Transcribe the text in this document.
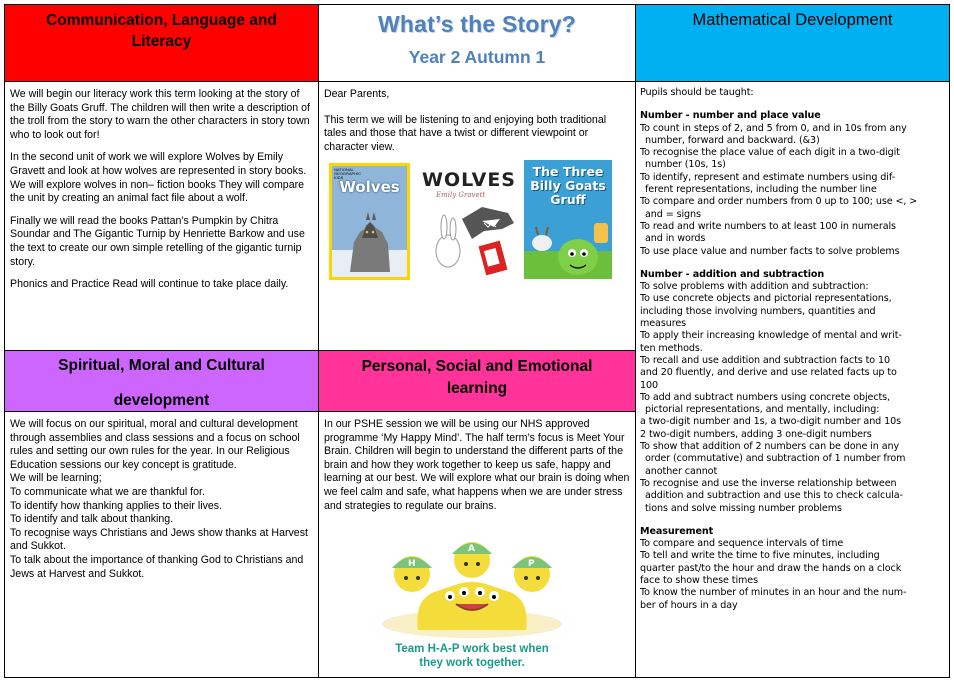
Communication, Language and Literacy
What’s the Story?
Year 2 Autumn 1
Mathematical Development

We will begin our literacy work this term looking at the story of the Billy Goats Gruff. The children will then write a description of the troll from the story to warn the other characters in story town who to look out for!

In the second unit of work we will explore Wolves by Emily Gravett and look at how wolves are represented in story books. We will explore wolves in non– fiction books They will compare the unit by creating an animal fact file about a wolf.

Finally we will read the books Pattan’s Pumpkin by Chitra Soundar and The Gigantic Turnip by Henriette Barkow and use the text to create our own simple retelling of the gigantic turnip story.

Phonics and Practice Read will continue to take place daily.

Dear Parents,

This term we will be listening to and enjoying both traditional tales and those that have a twist or different viewpoint or character view.

Wolves
NATIONAL GEOGRAPHIC KIDS	WOLVES
Emily Gravett
The Three Billy Goats Gruff
Pupils should be taught:
Number - number and place value
To count in steps of 2, and 5 from 0, and in 10s from any
number, forward and backward. (&3)
To recognise the place value of each digit in a two-digit
number (10s, 1s)
To identify, represent and estimate numbers using dif-
ferent representations, including the number line
To compare and order numbers from 0 up to 100; use <, >
and = signs
To read and write numbers to at least 100 in numerals
and in words
To use place value and number facts to solve problems
Number - addition and subtraction
To solve problems with addition and subtraction:
To use concrete objects and pictorial representations,
including those involving numbers, quantities and
measures
To apply their increasing knowledge of mental and writ-
ten methods.
To recall and use addition and subtraction facts to 10
and 20 fluently, and derive and use related facts up to
100
To add and subtract numbers using concrete objects,
pictorial representations, and mentally, including:
a two-digit number and 1s, a two-digit number and 10s
2 two-digit numbers, adding 3 one-digit numbers
To show that addition of 2 numbers can be done in any
order (commutative) and subtraction of 1 number from
another cannot
To recognise and use the inverse relationship between
addition and subtraction and use this to check calcula-
tions and solve missing number problems
Measurement
To compare and sequence intervals of time
To tell and write the time to five minutes, including
quarter past/to the hour and draw the hands on a clock
face to show these times
To know the number of minutes in an hour and the num-
ber of hours in a day
Spiritual, Moral and Cultural
development
Personal, Social and Emotional learning
We will focus on our spiritual, moral and cultural development through assemblies and class sessions and a focus on school rules and setting our own rules for the year. In our Religious Education sessions our key concept is gratitude.
We will be learning;
To communicate what we are thankful for.
To identify how thanking applies to their lives.
To identify and talk about thanking.
To recognise ways Christians and Jews show thanks at Harvest and Sukkot.
To talk about the importance of thanking God to Christians and Jews at Harvest and Sukkot.
In our PSHE session we will be using our NHS approved programme ‘My Happy Mind’. The half term’s focus is Meet Your Brain. Children will begin to understand the different parts of the brain and how they work together to keep us safe, happy and learning at our best. We will explore what our brain is doing when we feel calm and safe, what happens when we are under stress and strategies to regulate our brains.
H
A
P
Team H-A-P work best when
they work together.
